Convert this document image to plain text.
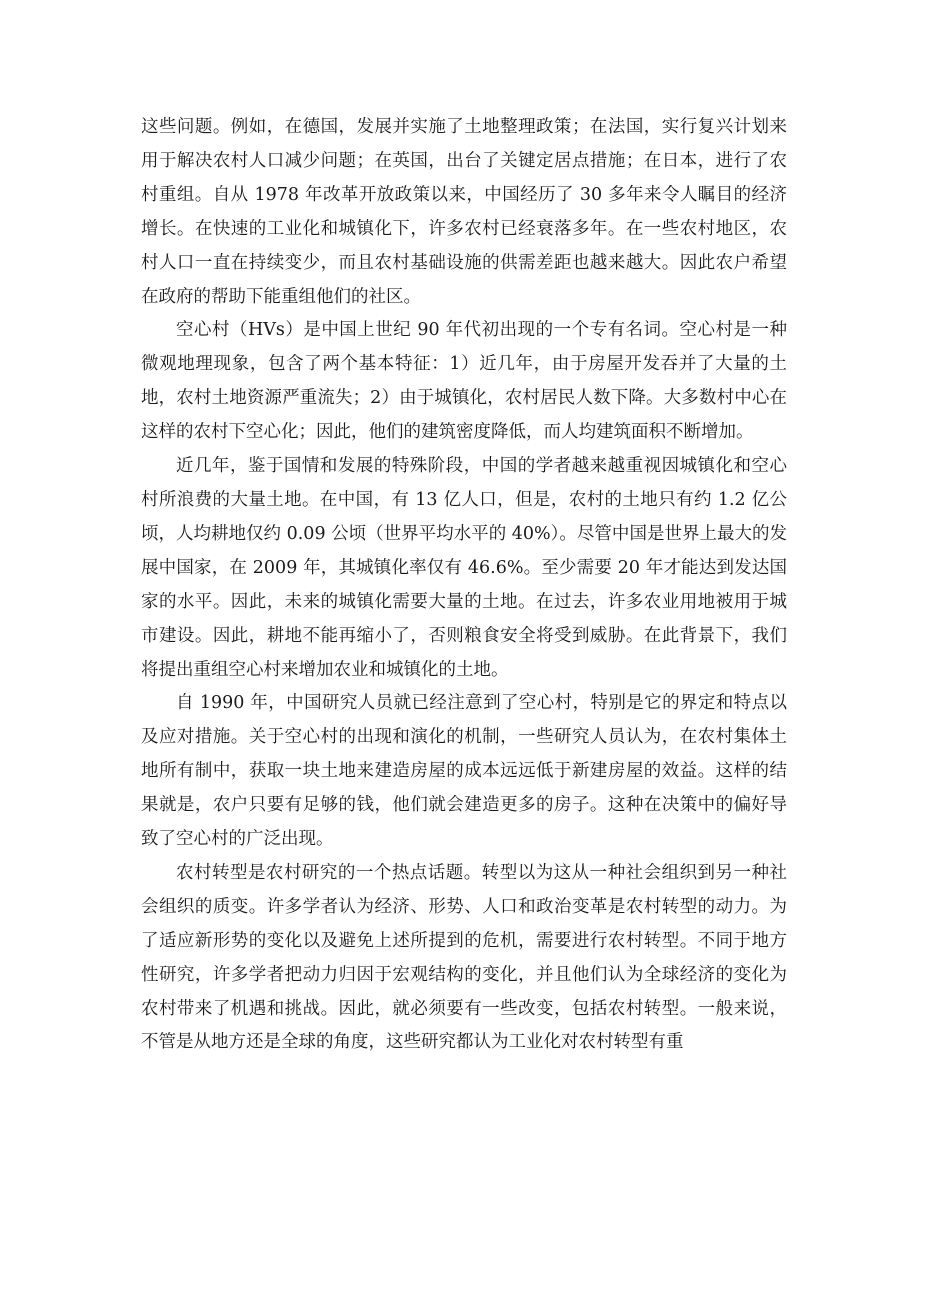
这些问题。例如，在德国，发展并实施了土地整理政策；在法国，实行复兴计划来用于解决农村人口减少问题；在英国，出台了关键定居点措施；在日本，进行了农村重组。自从 1978 年改革开放政策以来，中国经历了 30 多年来令人瞩目的经济增长。在快速的工业化和城镇化下，许多农村已经衰落多年。在一些农村地区，农村人口一直在持续变少，而且农村基础设施的供需差距也越来越大。因此农户希望在政府的帮助下能重组他们的社区。

空心村（HVs）是中国上世纪 90 年代初出现的一个专有名词。空心村是一种微观地理现象，包含了两个基本特征：1）近几年，由于房屋开发吞并了大量的土地，农村土地资源严重流失；2）由于城镇化，农村居民人数下降。大多数村中心在这样的农村下空心化；因此，他们的建筑密度降低，而人均建筑面积不断增加。

近几年，鉴于国情和发展的特殊阶段，中国的学者越来越重视因城镇化和空心村所浪费的大量土地。在中国，有 13 亿人口，但是，农村的土地只有约 1.2 亿公顷，人均耕地仅约 0.09 公顷（世界平均水平的 40%）。尽管中国是世界上最大的发展中国家，在 2009 年，其城镇化率仅有 46.6%。至少需要 20 年才能达到发达国家的水平。因此，未来的城镇化需要大量的土地。在过去，许多农业用地被用于城市建设。因此，耕地不能再缩小了，否则粮食安全将受到威胁。在此背景下，我们将提出重组空心村来增加农业和城镇化的土地。

自 1990 年，中国研究人员就已经注意到了空心村，特别是它的界定和特点以及应对措施。关于空心村的出现和演化的机制，一些研究人员认为，在农村集体土地所有制中，获取一块土地来建造房屋的成本远远低于新建房屋的效益。这样的结果就是，农户只要有足够的钱，他们就会建造更多的房子。这种在决策中的偏好导致了空心村的广泛出现。

农村转型是农村研究的一个热点话题。转型以为这从一种社会组织到另一种社会组织的质变。许多学者认为经济、形势、人口和政治变革是农村转型的动力。为了适应新形势的变化以及避免上述所提到的危机，需要进行农村转型。不同于地方性研究，许多学者把动力归因于宏观结构的变化，并且他们认为全球经济的变化为农村带来了机遇和挑战。因此，就必须要有一些改变，包括农村转型。一般来说，不管是从地方还是全球的角度，这些研究都认为工业化对农村转型有重
